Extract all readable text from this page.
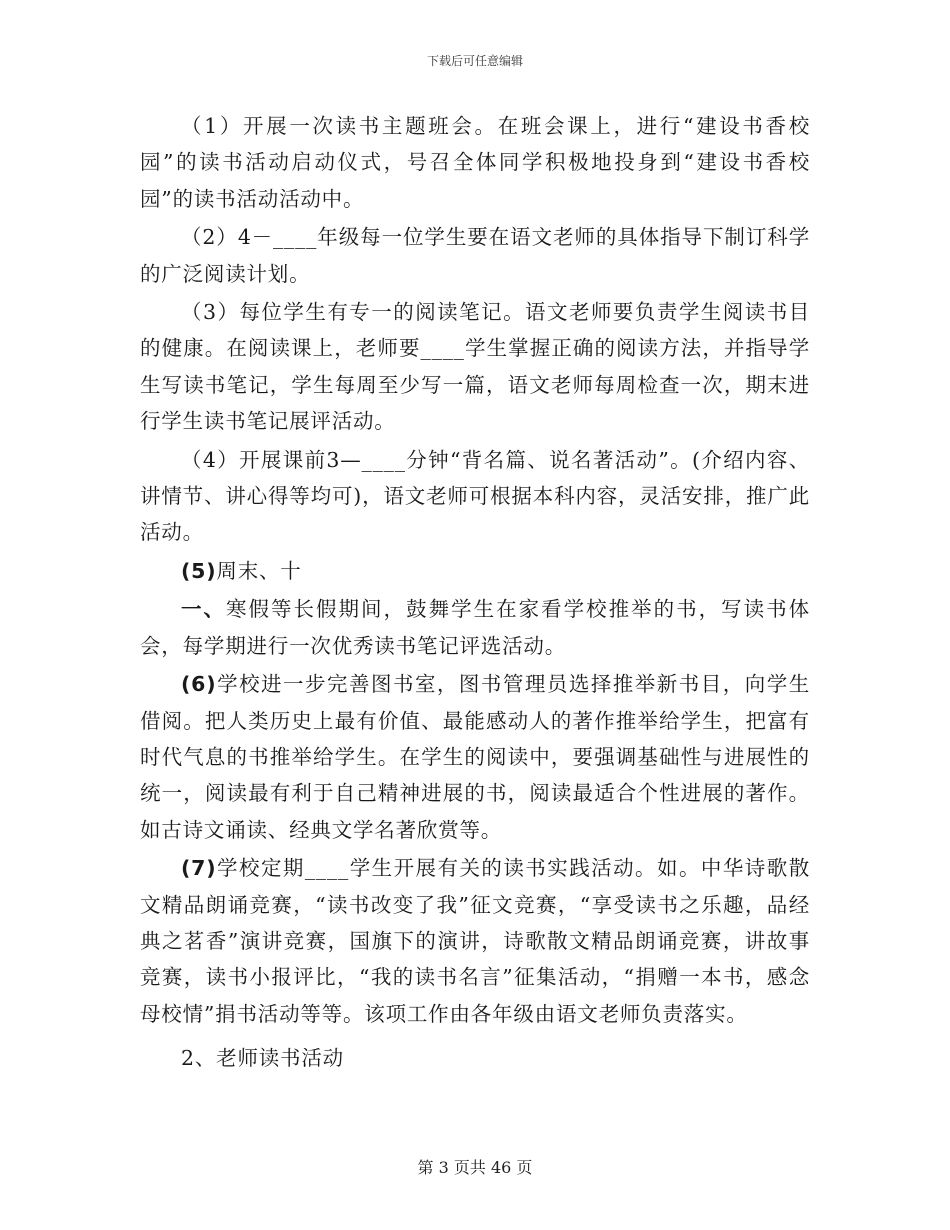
下载后可任意编辑

（1）开展一次读书主题班会。在班会课上，进行“建设书香校园”的读书活动启动仪式，号召全体同学积极地投身到“建设书香校园”的读书活动活动中。

（2）4－____年级每一位学生要在语文老师的具体指导下制订科学的广泛阅读计划。

（3）每位学生有专一的阅读笔记。语文老师要负责学生阅读书目的健康。在阅读课上，老师要____学生掌握正确的阅读方法，并指导学生写读书笔记，学生每周至少写一篇，语文老师每周检查一次，期末进行学生读书笔记展评活动。

（4）开展课前3—____分钟“背名篇、说名著活动”。(介绍内容、讲情节、讲心得等均可)，语文老师可根据本科内容，灵活安排，推广此活动。

(5)周末、十

一、寒假等长假期间，鼓舞学生在家看学校推举的书，写读书体会，每学期进行一次优秀读书笔记评选活动。

(6)学校进一步完善图书室，图书管理员选择推举新书目，向学生借阅。把人类历史上最有价值、最能感动人的著作推举给学生，把富有时代气息的书推举给学生。在学生的阅读中，要强调基础性与进展性的统一，阅读最有利于自己精神进展的书，阅读最适合个性进展的著作。如古诗文诵读、经典文学名著欣赏等。

(7)学校定期____学生开展有关的读书实践活动。如。中华诗歌散文精品朗诵竞赛，“读书改变了我”征文竞赛，“享受读书之乐趣，品经典之茗香”演讲竞赛，国旗下的演讲，诗歌散文精品朗诵竞赛，讲故事竞赛，读书小报评比，“我的读书名言”征集活动，“捐赠一本书，感念母校情”捐书活动等等。该项工作由各年级由语文老师负责落实。

2、老师读书活动

第 3 页共 46 页
